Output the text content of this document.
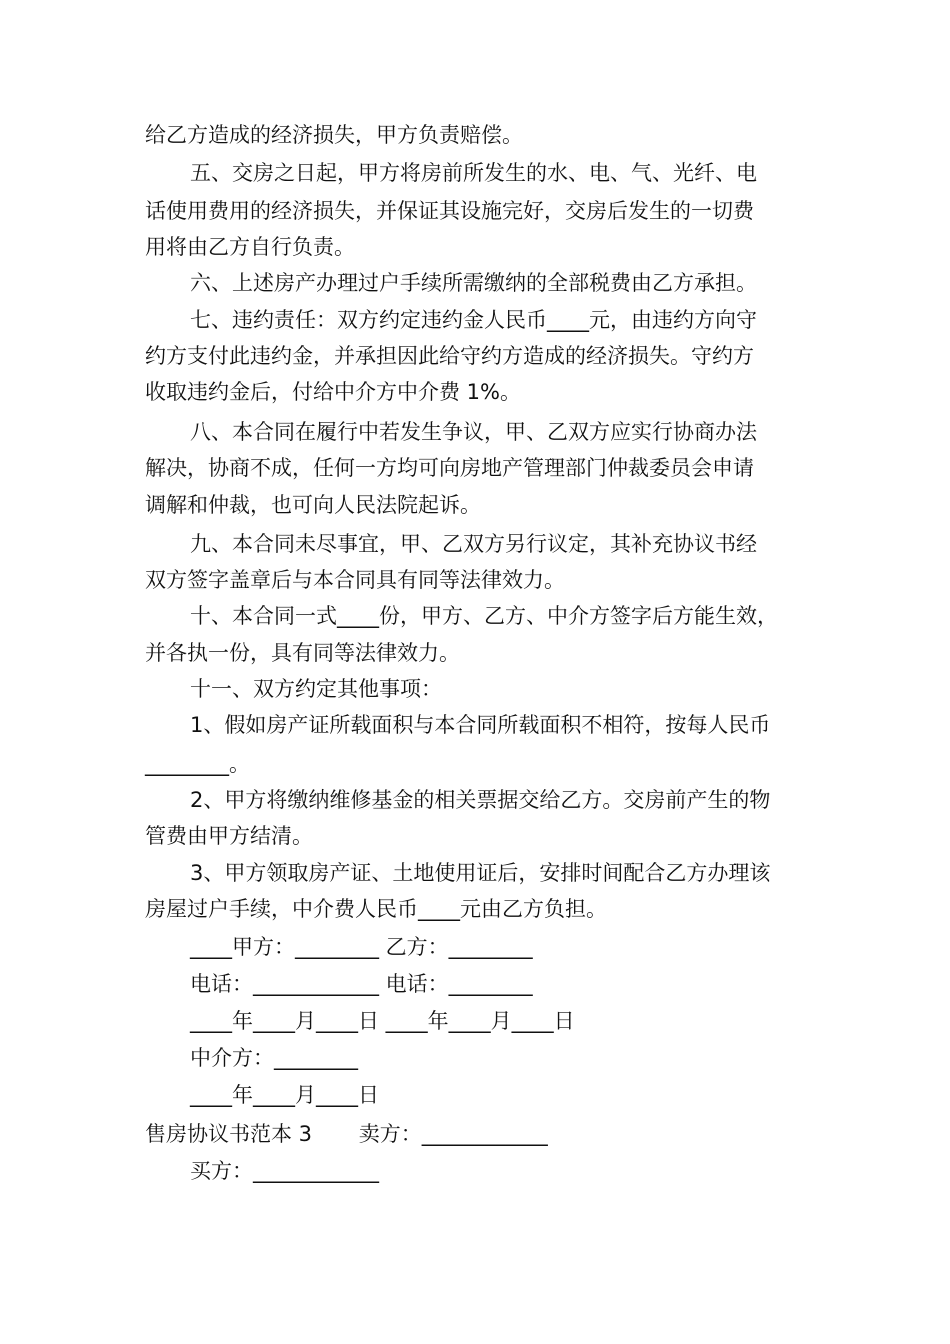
给乙方造成的经济损失，甲方负责赔偿。
五、交房之日起，甲方将房前所发生的水、电、气、光纤、电
话使用费用的经济损失，并保证其设施完好，交房后发生的一切费
用将由乙方自行负责。
六、上述房产办理过户手续所需缴纳的全部税费由乙方承担。
七、违约责任：双方约定违约金人民币____元，由违约方向守
约方支付此违约金，并承担因此给守约方造成的经济损失。守约方
收取违约金后，付给中介方中介费 1%。
八、本合同在履行中若发生争议，甲、乙双方应实行协商办法
解决，协商不成，任何一方均可向房地产管理部门仲裁委员会申请
调解和仲裁，也可向人民法院起诉。
九、本合同未尽事宜，甲、乙双方另行议定，其补充协议书经
双方签字盖章后与本合同具有同等法律效力。
十、本合同一式____份，甲方、乙方、中介方签字后方能生效，
并各执一份，具有同等法律效力。
十一、双方约定其他事项：
1、假如房产证所载面积与本合同所载面积不相符，按每人民币
________。
2、甲方将缴纳维修基金的相关票据交给乙方。交房前产生的物
管费由甲方结清。
3、甲方领取房产证、土地使用证后，安排时间配合乙方办理该
房屋过户手续，中介费人民币____元由乙方负担。
____甲方：________ 乙方：________
电话：____________ 电话：________
____年____月____日 ____年____月____日
中介方：________
____年____月____日
售房协议书范本 3       卖方：____________
买方：____________
